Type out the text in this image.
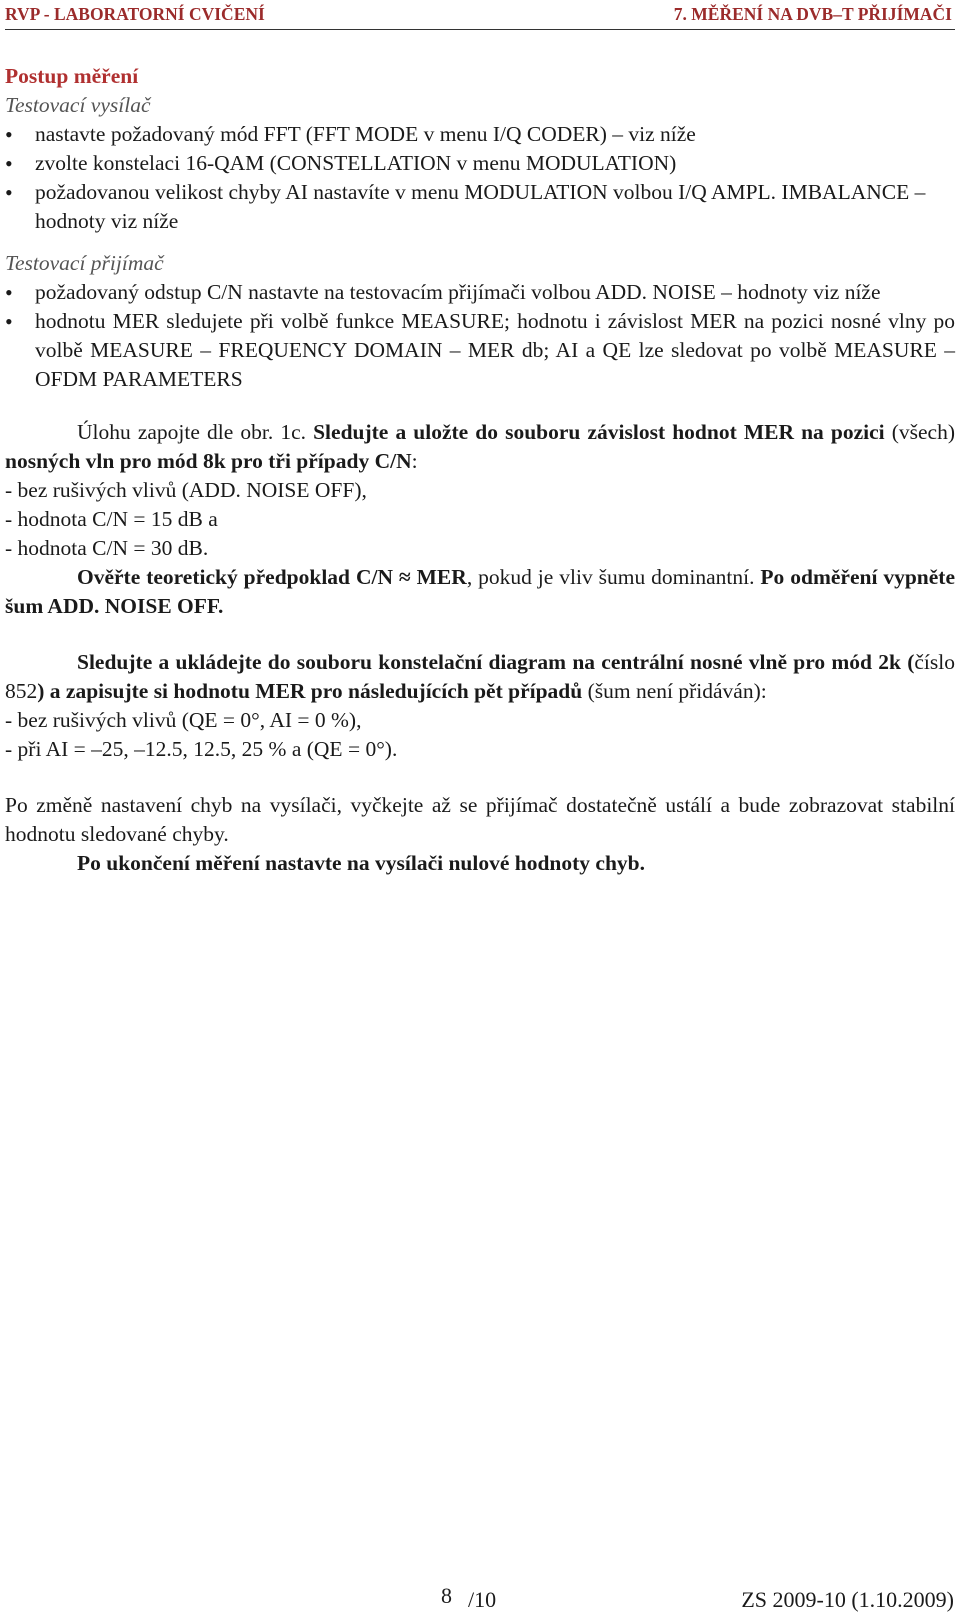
RVP - LABORATORNÍ CVIČENÍ	7. MĚŘENÍ NA DVB–T PŘIJÍMAČI

Postup měření

Testovací vysílač

• nastavte požadovaný mód FFT (FFT MODE v menu I/Q CODER) – viz níže
• zvolte konstelaci 16-QAM (CONSTELLATION v menu MODULATION)
• požadovanou velikost chyby AI nastavíte v menu MODULATION volbou I/Q AMPL. IMBALANCE – hodnoty viz níže

Testovací přijímač

• požadovaný odstup C/N nastavte na testovacím přijímači volbou ADD. NOISE – hodnoty viz níže
• hodnotu MER sledujete při volbě funkce MEASURE; hodnotu i závislost MER na pozici nosné vlny po volbě MEASURE – FREQUENCY DOMAIN – MER db; AI a QE lze sledovat po volbě MEASURE – OFDM PARAMETERS

Úlohu zapojte dle obr. 1c. Sledujte a uložte do souboru závislost hodnot MER na pozici (všech) nosných vln pro mód 8k pro tři případy C/N:

- bez rušivých vlivů (ADD. NOISE OFF),

- hodnota C/N = 15 dB a

- hodnota C/N = 30 dB.

Ověřte teoretický předpoklad C/N ≈ MER, pokud je vliv šumu dominantní. Po odměření vypněte šum ADD. NOISE OFF.

Sledujte a ukládejte do souboru konstelační diagram na centrální nosné vlně pro mód 2k (číslo 852) a zapisujte si hodnotu MER pro následujících pět případů (šum není přidáván):

- bez rušivých vlivů (QE = 0°, AI = 0 %),

- při AI = –25, –12.5, 12.5, 25 % a (QE = 0°).

Po změně nastavení chyb na vysílači, vyčkejte až se přijímač dostatečně ustálí a bude zobrazovat stabilní hodnotu sledované chyby.

Po ukončení měření nastavte na vysílači nulové hodnoty chyb.

8 /10	ZS 2009-10 (1.10.2009)
